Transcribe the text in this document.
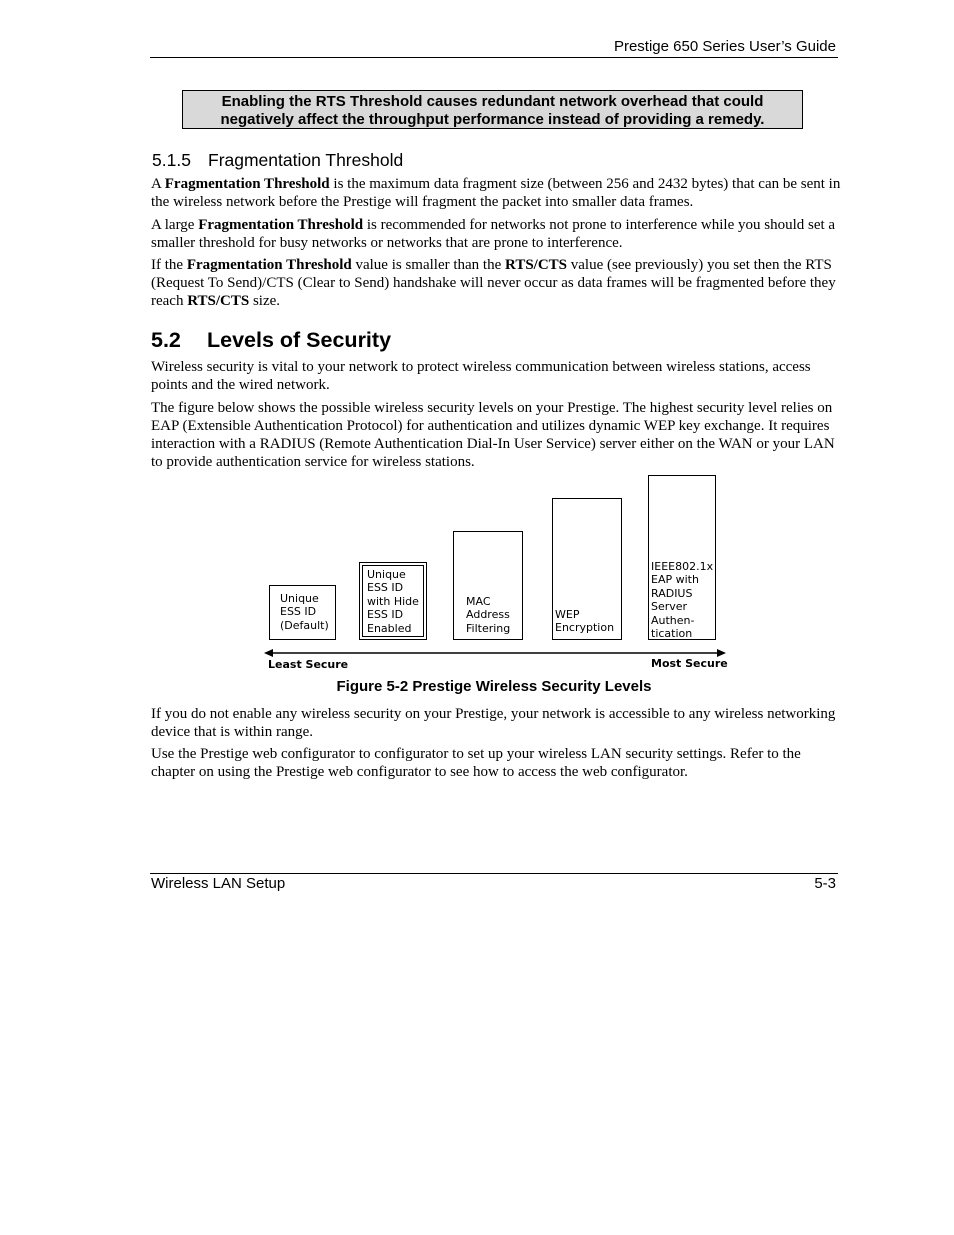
Prestige 650 Series User’s Guide
Enabling the RTS Threshold causes redundant network overhead that could
negatively affect the throughput performance instead of providing a remedy.
5.1.5 Fragmentation Threshold

A Fragmentation Threshold is the maximum data fragment size (between 256 and 2432 bytes) that can be sent in the wireless network before the Prestige will fragment the packet into smaller data frames.

A large Fragmentation Threshold is recommended for networks not prone to interference while you should set a smaller threshold for busy networks or networks that are prone to interference.

If the Fragmentation Threshold value is smaller than the RTS/CTS value (see previously) you set then the RTS (Request To Send)/CTS (Clear to Send) handshake will never occur as data frames will be fragmented before they reach RTS/CTS size.

5.2 Levels of Security

Wireless security is vital to your network to protect wireless communication between wireless stations, access points and the wired network.

The figure below shows the possible wireless security levels on your Prestige. The highest security level relies on EAP (Extensible Authentication Protocol) for authentication and utilizes dynamic WEP key exchange. It requires interaction with a RADIUS (Remote Authentication Dial-In User Service) server either on the WAN or your LAN to provide authentication service for wireless stations.

Unique
ESS ID
(Default)
Unique
ESS ID
with Hide
ESS ID
Enabled
MAC
Address
Filtering
WEP
Encryption
IEEE802.1x
EAP with
RADIUS
Server
Authen-
tication
Least Secure	Most Secure
Figure 5-2 Prestige Wireless Security Levels

If you do not enable any wireless security on your Prestige, your network is accessible to any wireless networking device that is within range.

Use the Prestige web configurator to configurator to set up your wireless LAN security settings. Refer to the chapter on using the Prestige web configurator to see how to access the web configurator.

Wireless LAN Setup	5-3
